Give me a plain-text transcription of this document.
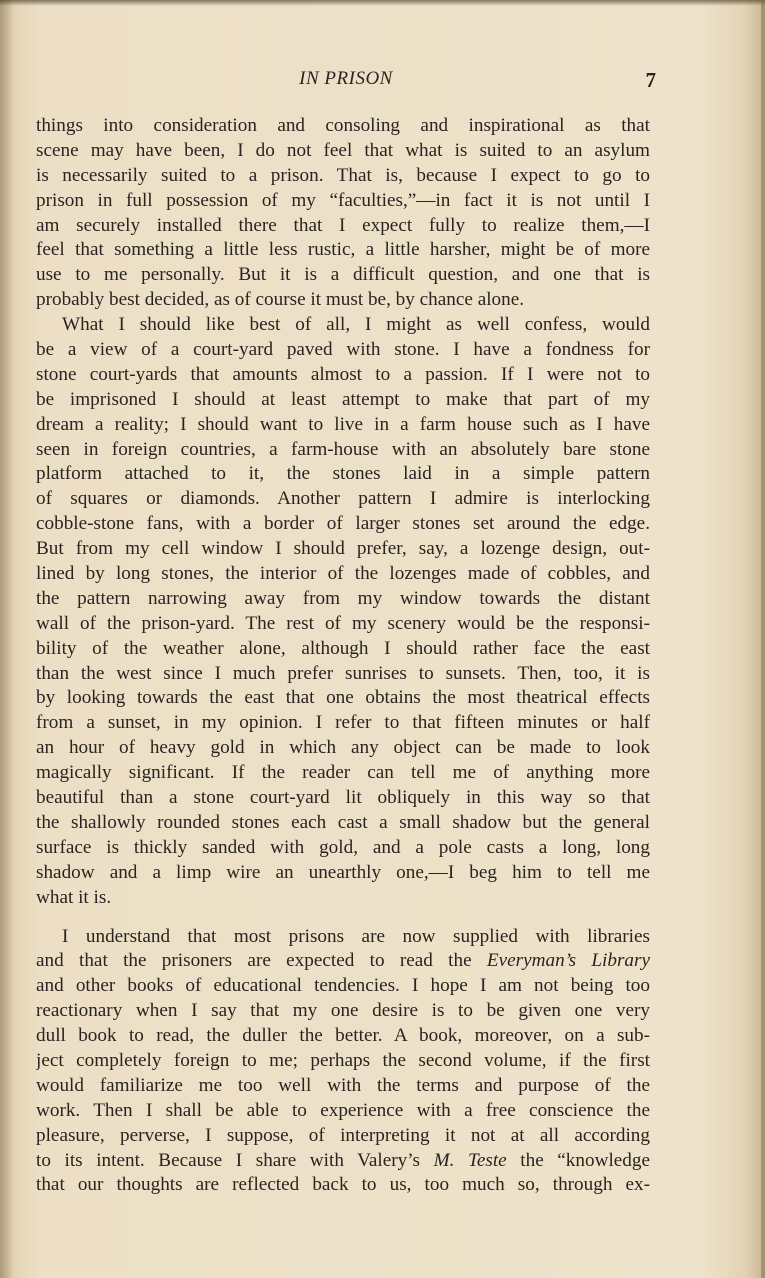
IN PRISON	7
things into consideration and consoling and inspirational as that
scene may have been, I do not feel that what is suited to an asylum
is necessarily suited to a prison. That is, because I expect to go to
prison in full possession of my “faculties,”—in fact it is not until I
am securely installed there that I expect fully to realize them,—I
feel that something a little less rustic, a little harsher, might be of more
use to me personally. But it is a difficult question, and one that is
probably best decided, as of course it must be, by chance alone.
What I should like best of all, I might as well confess, would
be a view of a court-yard paved with stone. I have a fondness for
stone court-yards that amounts almost to a passion. If I were not to
be imprisoned I should at least attempt to make that part of my
dream a reality; I should want to live in a farm house such as I have
seen in foreign countries, a farm-house with an absolutely bare stone
platform attached to it, the stones laid in a simple pattern
of squares or diamonds. Another pattern I admire is interlocking
cobble-stone fans, with a border of larger stones set around the edge.
But from my cell window I should prefer, say, a lozenge design, out-
lined by long stones, the interior of the lozenges made of cobbles, and
the pattern narrowing away from my window towards the distant
wall of the prison-yard. The rest of my scenery would be the responsi-
bility of the weather alone, although I should rather face the east
than the west since I much prefer sunrises to sunsets. Then, too, it is
by looking towards the east that one obtains the most theatrical effects
from a sunset, in my opinion. I refer to that fifteen minutes or half
an hour of heavy gold in which any object can be made to look
magically significant. If the reader can tell me of anything more
beautiful than a stone court-yard lit obliquely in this way so that
the shallowly rounded stones each cast a small shadow but the general
surface is thickly sanded with gold, and a pole casts a long, long
shadow and a limp wire an unearthly one,—I beg him to tell me
what it is.
I understand that most prisons are now supplied with libraries
and that the prisoners are expected to read the Everyman’s Library
and other books of educational tendencies. I hope I am not being too
reactionary when I say that my one desire is to be given one very
dull book to read, the duller the better. A book, moreover, on a sub-
ject completely foreign to me; perhaps the second volume, if the first
would familiarize me too well with the terms and purpose of the
work. Then I shall be able to experience with a free conscience the
pleasure, perverse, I suppose, of interpreting it not at all according
to its intent. Because I share with Valery’s M. Teste the “knowledge
that our thoughts are reflected back to us, too much so, through ex-
